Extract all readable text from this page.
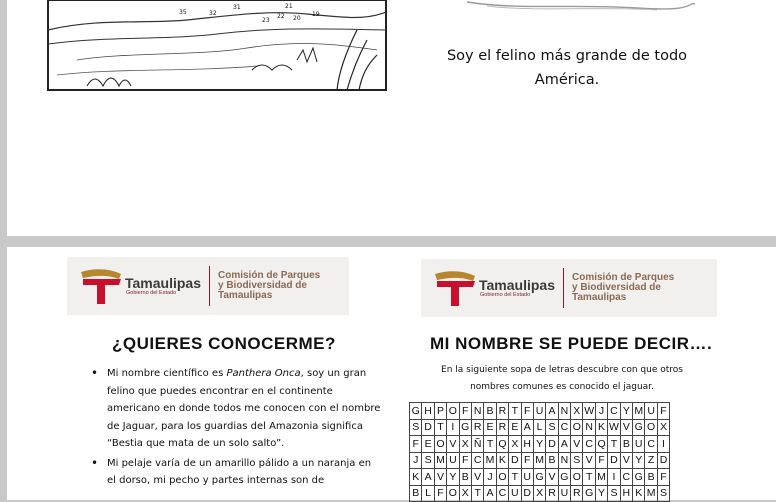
35	32
31	21
19
23
22 20
Soy el felino más grande de todo América.
Tamaulipas
Gobierno del Estado
Comisión de Parques
y Biodiversidad de
Tamaulipas
Tamaulipas
Gobierno del Estado
Comisión de Parques
y Biodiversidad de
Tamaulipas
¿QUIERES CONOCERME?	MI NOMBRE SE PUEDE DECIR….
• Mi nombre científico es Panthera Onca, soy un gran felino que puedes encontrar en el continente americano en donde todos me conocen con el nombre de Jaguar, para los guardias del Amazonia significa “Bestia que mata de un solo salto”.
• Mi pelaje varía de un amarillo pálido a un naranja en el dorso, mi pecho y partes internas son de
En la siguiente sopa de letras descubre con que otros nombres comunes es conocido el jaguar.
G	H	P	O	F	N	B	R	T	F	U	A	N	X	W	J	C	Y	M	U	F
S	D	T	I	G	R	E	R	E	A	L	S	C	O	N	K	W	V	G	O	X
F	E	O	V	X	Ñ	T	Q	X	H	Y	D	A	V	C	Q	T	B	U	C	I
J	S	M	U	F	C	M	K	D	F	M	B	N	S	V	F	D	V	Y	Z	D
K	A	V	Y	B	V	J	O	T	U	G	V	G	O	T	M	I	C	G	B	F
B	L	F	O	X	T	A	C	U	D	X	R	U	R	G	Y	S	H	K	M	S
